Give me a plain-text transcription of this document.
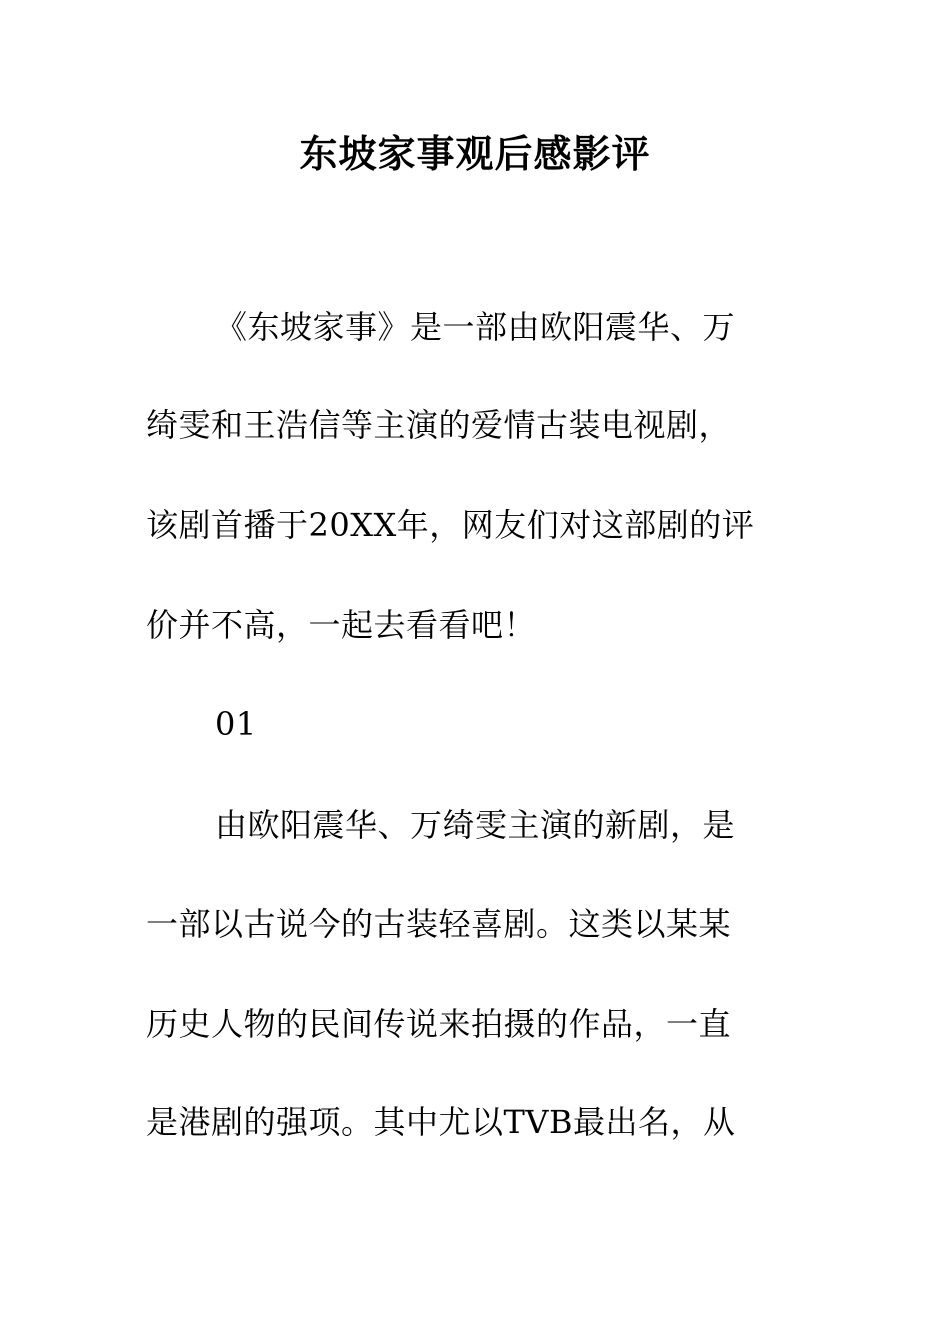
东坡家事观后感影评
《东坡家事》是一部由欧阳震华、万
绮雯和王浩信等主演的爱情古装电视剧，
该剧首播于20XX年，网友们对这部剧的评
价并不高，一起去看看吧！
01
由欧阳震华、万绮雯主演的新剧，是
一部以古说今的古装轻喜剧。这类以某某
历史人物的民间传说来拍摄的作品，一直
是港剧的强项。其中尤以TVB最出名，从
